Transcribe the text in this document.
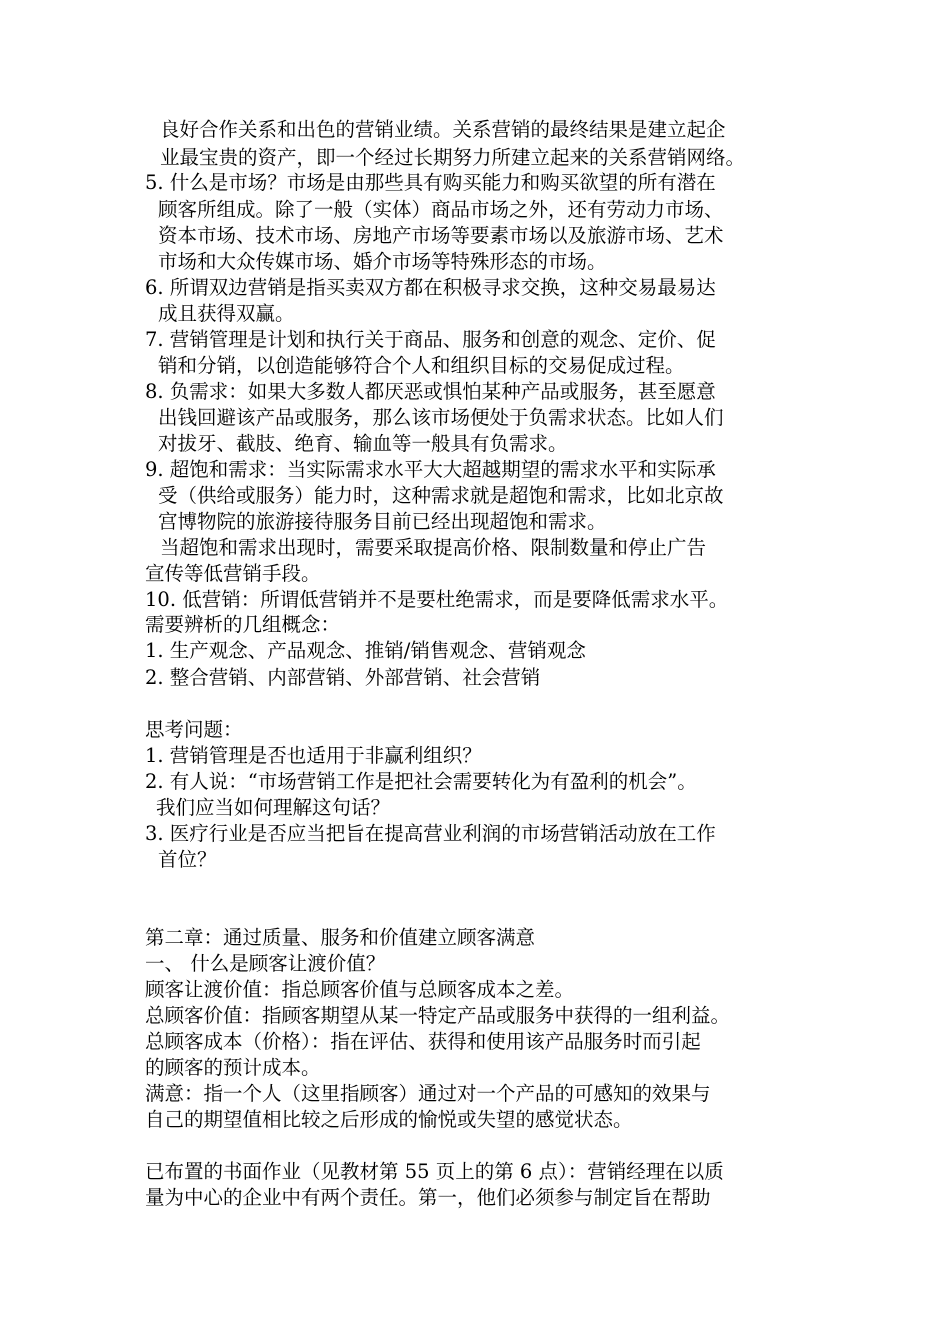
良好合作关系和出色的营销业绩。关系营销的最终结果是建立起企
业最宝贵的资产，即一个经过长期努力所建立起来的关系营销网络。
5. 什么是市场？市场是由那些具有购买能力和购买欲望的所有潜在
顾客所组成。除了一般（实体）商品市场之外，还有劳动力市场、
资本市场、技术市场、房地产市场等要素市场以及旅游市场、艺术
市场和大众传媒市场、婚介市场等特殊形态的市场。
6. 所谓双边营销是指买卖双方都在积极寻求交换，这种交易最易达
成且获得双赢。
7. 营销管理是计划和执行关于商品、服务和创意的观念、定价、促
销和分销，以创造能够符合个人和组织目标的交易促成过程。
8. 负需求：如果大多数人都厌恶或惧怕某种产品或服务，甚至愿意
出钱回避该产品或服务，那么该市场便处于负需求状态。比如人们
对拔牙、截肢、绝育、输血等一般具有负需求。
9. 超饱和需求：当实际需求水平大大超越期望的需求水平和实际承
受（供给或服务）能力时，这种需求就是超饱和需求，比如北京故
宫博物院的旅游接待服务目前已经出现超饱和需求。
当超饱和需求出现时，需要采取提高价格、限制数量和停止广告
宣传等低营销手段。
10. 低营销：所谓低营销并不是要杜绝需求，而是要降低需求水平。
需要辨析的几组概念：
1. 生产观念、产品观念、推销/销售观念、营销观念
2. 整合营销、内部营销、外部营销、社会营销
思考问题：
1. 营销管理是否也适用于非赢利组织？
2. 有人说：“市场营销工作是把社会需要转化为有盈利的机会”。
我们应当如何理解这句话？
3. 医疗行业是否应当把旨在提高营业利润的市场营销活动放在工作
首位？
第二章：通过质量、服务和价值建立顾客满意
一、 什么是顾客让渡价值？
顾客让渡价值：指总顾客价值与总顾客成本之差。
总顾客价值：指顾客期望从某一特定产品或服务中获得的一组利益。
总顾客成本（价格）：指在评估、获得和使用该产品服务时而引起
的顾客的预计成本。
满意：指一个人（这里指顾客）通过对一个产品的可感知的效果与
自己的期望值相比较之后形成的愉悦或失望的感觉状态。
已布置的书面作业（见教材第 55 页上的第 6 点）：营销经理在以质
量为中心的企业中有两个责任。第一，他们必须参与制定旨在帮助
